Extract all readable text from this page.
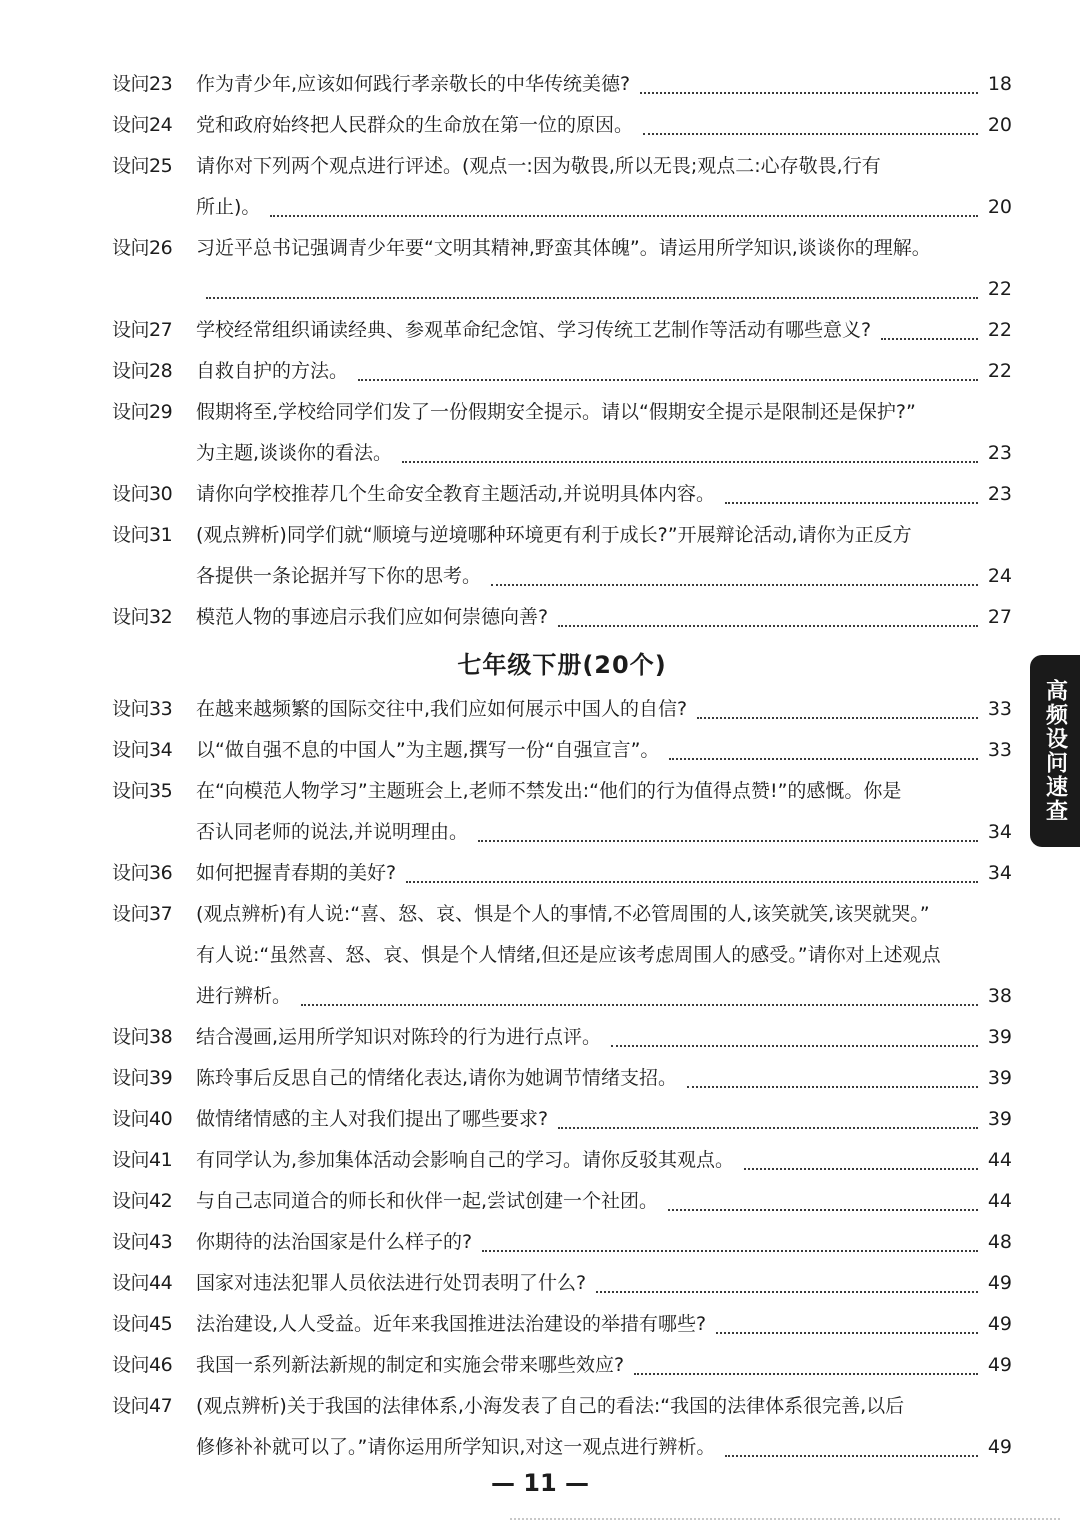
七年级下册(20个)
高频设问速查
— 11 —
设问23	作为青少年,应该如何践行孝亲敬长的中华传统美德?	18
设问24	党和政府始终把人民群众的生命放在第一位的原因。	20
设问25	请你对下列两个观点进行评述。(观点一:因为敬畏,所以无畏;观点二:心存敬畏,行有
所止)。	20
设问26	习近平总书记强调青少年要“文明其精神,野蛮其体魄”。请运用所学知识,谈谈你的理解。
22
设问27	学校经常组织诵读经典、参观革命纪念馆、学习传统工艺制作等活动有哪些意义?	22
设问28	自救自护的方法。	22
设问29	假期将至,学校给同学们发了一份假期安全提示。请以“假期安全提示是限制还是保护?”
为主题,谈谈你的看法。	23
设问30	请你向学校推荐几个生命安全教育主题活动,并说明具体内容。	23
设问31	(观点辨析)同学们就“顺境与逆境哪种环境更有利于成长?”开展辩论活动,请你为正反方
各提供一条论据并写下你的思考。	24
设问32	模范人物的事迹启示我们应如何崇德向善?	27
设问33	在越来越频繁的国际交往中,我们应如何展示中国人的自信?	33
设问34	以“做自强不息的中国人”为主题,撰写一份“自强宣言”。	33
设问35	在“向模范人物学习”主题班会上,老师不禁发出:“他们的行为值得点赞!”的感慨。你是
否认同老师的说法,并说明理由。	34
设问36	如何把握青春期的美好?	34
设问37	(观点辨析)有人说:“喜、怒、哀、惧是个人的事情,不必管周围的人,该笑就笑,该哭就哭。”
有人说:“虽然喜、怒、哀、惧是个人情绪,但还是应该考虑周围人的感受。”请你对上述观点
进行辨析。	38
设问38	结合漫画,运用所学知识对陈玲的行为进行点评。	39
设问39	陈玲事后反思自己的情绪化表达,请你为她调节情绪支招。	39
设问40	做情绪情感的主人对我们提出了哪些要求?	39
设问41	有同学认为,参加集体活动会影响自己的学习。请你反驳其观点。	44
设问42	与自己志同道合的师长和伙伴一起,尝试创建一个社团。	44
设问43	你期待的法治国家是什么样子的?	48
设问44	国家对违法犯罪人员依法进行处罚表明了什么?	49
设问45	法治建设,人人受益。近年来我国推进法治建设的举措有哪些?	49
设问46	我国一系列新法新规的制定和实施会带来哪些效应?	49
设问47	(观点辨析)关于我国的法律体系,小海发表了自己的看法:“我国的法律体系很完善,以后
修修补补就可以了。”请你运用所学知识,对这一观点进行辨析。	49
